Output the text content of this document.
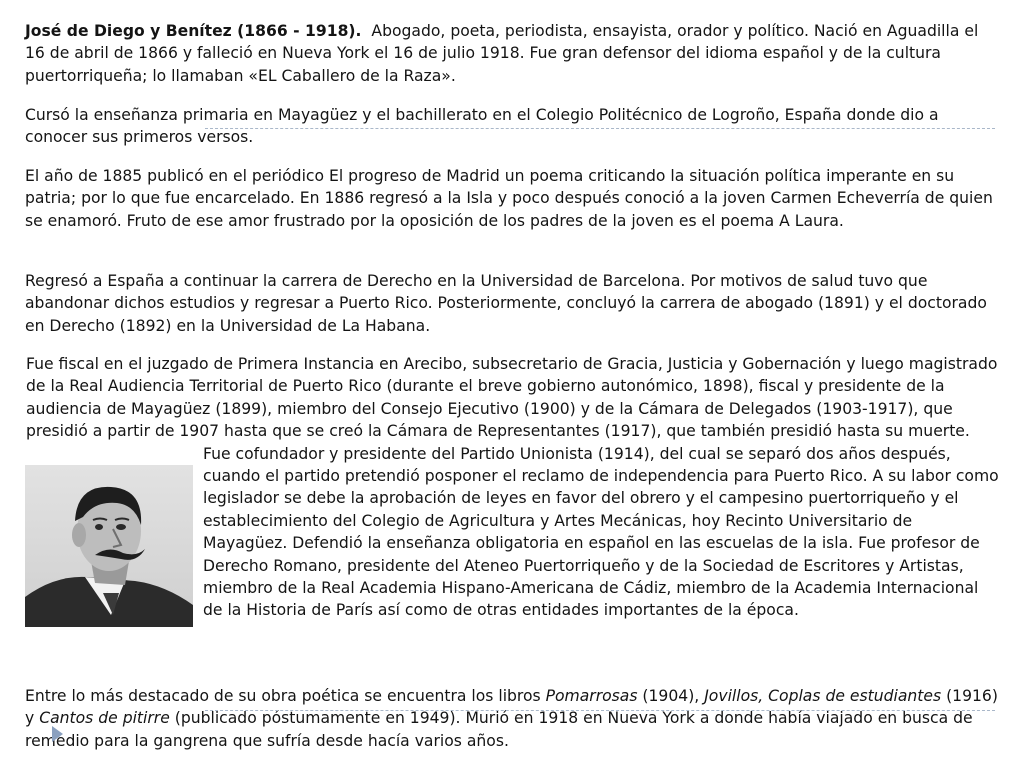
José de Diego y Benítez (1866 - 1918). Abogado, poeta, periodista, ensayista, orador y político. Nació en Aguadilla el 16 de abril de 1866 y falleció en Nueva York el 16 de julio 1918. Fue gran defensor del idioma español y de la cultura puertorriqueña; lo llamaban «EL Caballero de la Raza».

Cursó la enseñanza primaria en Mayagüez y el bachillerato en el Colegio Politécnico de Logroño, España donde dio a conocer sus primeros versos.

El año de 1885 publicó en el periódico El progreso de Madrid un poema criticando la situación política imperante en su patria; por lo que fue encarcelado. En 1886 regresó a la Isla y poco después conoció a la joven Carmen Echeverría de quien se enamoró. Fruto de ese amor frustrado por la oposición de los padres de la joven es el poema A Laura.

Regresó a España a continuar la carrera de Derecho en la Universidad de Barcelona. Por motivos de salud tuvo que abandonar dichos estudios y regresar a Puerto Rico. Posteriormente, concluyó la carrera de abogado (1891) y el doctorado en Derecho (1892) en la Universidad de La Habana.

Fue fiscal en el juzgado de Primera Instancia en Arecibo, subsecretario de Gracia, Justicia y Gobernación y luego magistrado de la Real Audiencia Territorial de Puerto Rico (durante el breve gobierno autonómico, 1898), fiscal y presidente de la audiencia de Mayagüez (1899), miembro del Consejo Ejecutivo (1900) y de la Cámara de Delegados (1903-1917), que presidió a partir de 1907 hasta que se creó la Cámara de Representantes (1917), que también presidió hasta su muerte. Fue cofundador y presidente del Partido Unionista (1914), del cual se separó dos años después, cuando el partido pretendió posponer el reclamo de independencia para Puerto Rico. A su labor como legislador se debe la aprobación de leyes en favor del obrero y el campesino puertorriqueño y el establecimiento del Colegio de Agricultura y Artes Mecánicas, hoy Recinto Universitario de Mayagüez. Defendió la enseñanza obligatoria en español en las escuelas de la isla. Fue profesor de Derecho Romano, presidente del Ateneo Puertorriqueño y de la Sociedad de Escritores y Artistas, miembro de la Real Academia Hispano-Americana de Cádiz, miembro de la Academia Internacional de la Historia de París así como de otras entidades importantes de la época.

Entre lo más destacado de su obra poética se encuentra los libros Pomarrosas (1904), Jovillos, Coplas de estudiantes (1916) y Cantos de pitirre (publicado póstumamente en 1949). Murió en 1918 en Nueva York a donde había viajado en busca de remedio para la gangrena que sufría desde hacía varios años.
